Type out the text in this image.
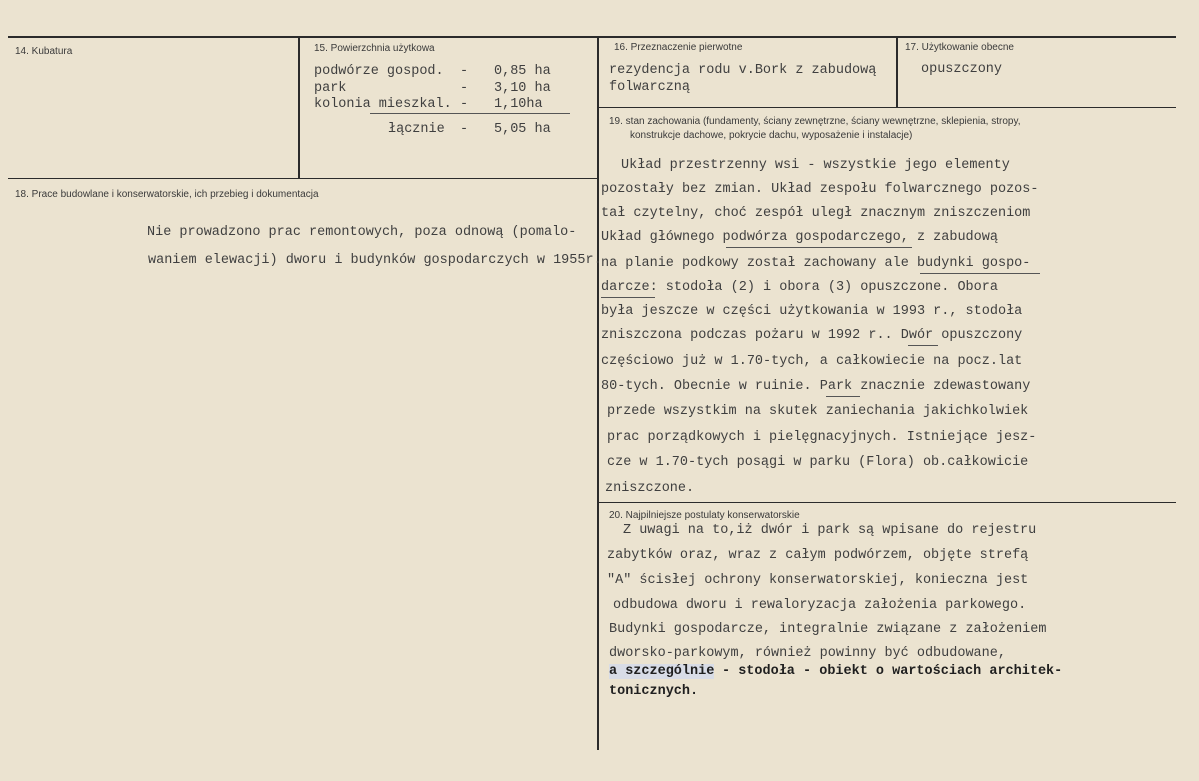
14. Kubatura	15. Powierzchnia użytkowa
podwórze gospod. - 0,85 ha
park	- 3,10 ha
kolonia mieszkal. - 1,10ha
łącznie - 5,05 ha
16. Przeznaczenie pierwotne
rezydencja rodu v.Bork z zabudową
folwarczną
17. Użytkowanie obecne
opuszczony
18. Prace budowlane i konserwatorskie, ich przebieg i dokumentacja
Nie prowadzono prac remontowych, poza odnową (pomalo-
waniem elewacji) dworu i budynków gospodarczych w 1955r.
19. stan zachowania (fundamenty, ściany zewnętrzne, ściany wewnętrzne, sklepienia, stropy,
konstrukcje dachowe, pokrycie dachu, wyposażenie i instalacje)
Układ przestrzenny wsi - wszystkie jego elementy
pozostały bez zmian. Układ zespołu folwarcznego pozos-
tał czytelny, choć zespół uległ znacznym zniszczeniom
Układ głównego podwórza gospodarczego, z zabudową
na planie podkowy został zachowany ale budynki gospo-
darcze: stodoła (2) i obora (3) opuszczone. Obora
była jeszcze w części użytkowania w 1993 r., stodoła
zniszczona podczas pożaru w 1992 r.. Dwór opuszczony
częściowo już w 1.70-tych, a całkowiecie na pocz.lat
80-tych. Obecnie w ruinie. Park znacznie zdewastowany
przede wszystkim na skutek zaniechania jakichkolwiek
prac porządkowych i pielęgnacyjnych. Istniejące jesz-
cze w 1.70-tych posągi w parku (Flora) ob.całkowicie
zniszczone.
20. Najpilniejsze postulaty konserwatorskie
Z uwagi na to,iż dwór i park są wpisane do rejestru
zabytków oraz, wraz z całym podwórzem, objęte strefą
"A" ścisłej ochrony konserwatorskiej, konieczna jest
odbudowa dworu i rewaloryzacja założenia parkowego.
Budynki gospodarcze, integralnie związane z założeniem
dworsko-parkowym, również powinny być odbudowane,
a szczególnie - stodoła - obiekt o wartościach architek-
tonicznych.
